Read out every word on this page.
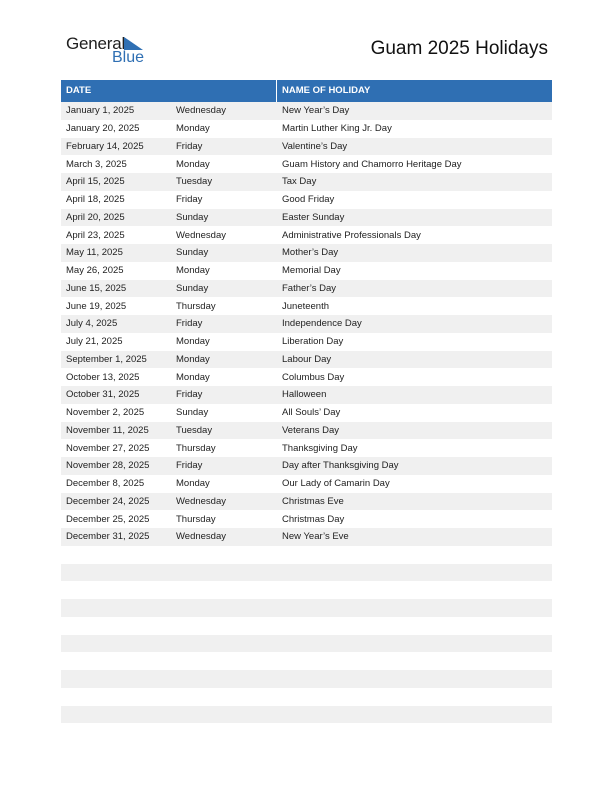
General
Blue	Guam 2025 Holidays
DATE	NAME OF HOLIDAY
January 1, 2025	Wednesday	New Year’s Day
January 20, 2025	Monday	Martin Luther King Jr. Day
February 14, 2025	Friday	Valentine’s Day
March 3, 2025	Monday	Guam History and Chamorro Heritage Day
April 15, 2025	Tuesday	Tax Day
April 18, 2025	Friday	Good Friday
April 20, 2025	Sunday	Easter Sunday
April 23, 2025	Wednesday	Administrative Professionals Day
May 11, 2025	Sunday	Mother’s Day
May 26, 2025	Monday	Memorial Day
June 15, 2025	Sunday	Father’s Day
June 19, 2025	Thursday	Juneteenth
July 4, 2025	Friday	Independence Day
July 21, 2025	Monday	Liberation Day
September 1, 2025	Monday	Labour Day
October 13, 2025	Monday	Columbus Day
October 31, 2025	Friday	Halloween
November 2, 2025	Sunday	All Souls’ Day
November 11, 2025	Tuesday	Veterans Day
November 27, 2025	Thursday	Thanksgiving Day
November 28, 2025	Friday	Day after Thanksgiving Day
December 8, 2025	Monday	Our Lady of Camarin Day
December 24, 2025	Wednesday	Christmas Eve
December 25, 2025	Thursday	Christmas Day
December 31, 2025	Wednesday	New Year’s Eve
